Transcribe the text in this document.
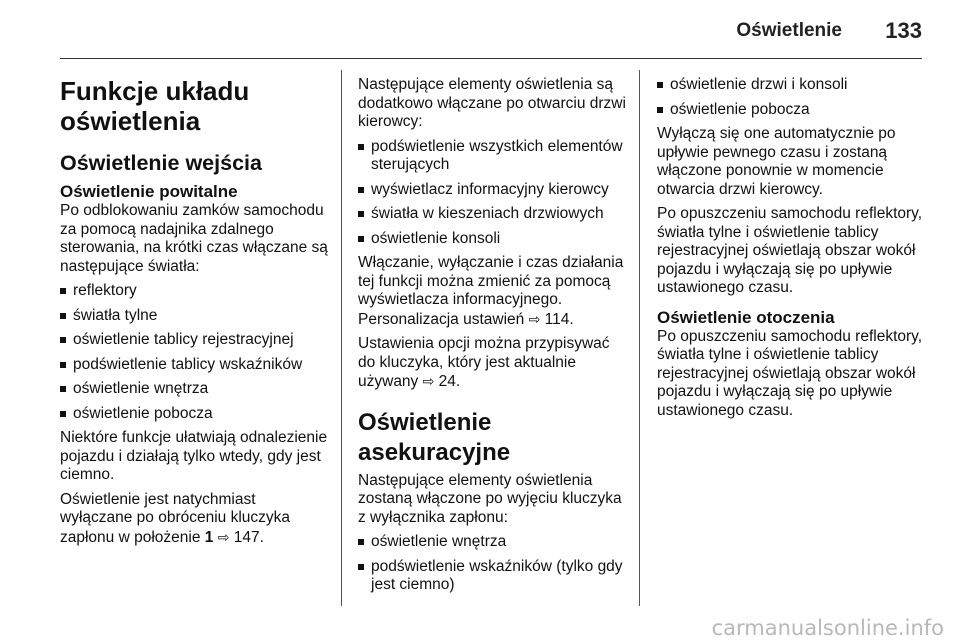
Oświetlenie 133
Funkcje układu oświetlenia
Oświetlenie wejścia
Oświetlenie powitalne

Po odblokowaniu zamków samochodu za pomocą nadajnika zdalnego sterowania, na krótki czas włączane są następujące światła:

reflektory
światła tylne
oświetlenie tablicy rejestracyjnej
podświetlenie tablicy wskaźników
oświetlenie wnętrza
oświetlenie pobocza

Niektóre funkcje ułatwiają odnalezienie pojazdu i działają tylko wtedy, gdy jest ciemno.

Oświetlenie jest natychmiast wyłączane po obróceniu kluczyka zapłonu w położenie 1 ⇨ 147.

Następujące elementy oświetlenia są dodatkowo włączane po otwarciu drzwi kierowcy:

podświetlenie wszystkich elementów sterujących
wyświetlacz informacyjny kierowcy
światła w kieszeniach drzwiowych
oświetlenie konsoli

Włączanie, wyłączanie i czas działania tej funkcji można zmienić za pomocą wyświetlacza informacyjnego. Personalizacja ustawień ⇨ 114.

Ustawienia opcji można przypisywać do kluczyka, który jest aktualnie używany ⇨ 24.

Oświetlenie asekuracyjne

Następujące elementy oświetlenia zostaną włączone po wyjęciu kluczyka z wyłącznika zapłonu:

oświetlenie wnętrza
podświetlenie wskaźników (tylko gdy jest ciemno)
oświetlenie drzwi i konsoli
oświetlenie pobocza

Wyłączą się one automatycznie po upływie pewnego czasu i zostaną włączone ponownie w momencie otwarcia drzwi kierowcy.

Po opuszczeniu samochodu reflektory, światła tylne i oświetlenie tablicy rejestracyjnej oświetlają obszar wokół pojazdu i wyłączają się po upływie ustawionego czasu.

Oświetlenie otoczenia

Po opuszczeniu samochodu reflektory, światła tylne i oświetlenie tablicy rejestracyjnej oświetlają obszar wokół pojazdu i wyłączają się po upływie ustawionego czasu.

carmanualsonline.info
